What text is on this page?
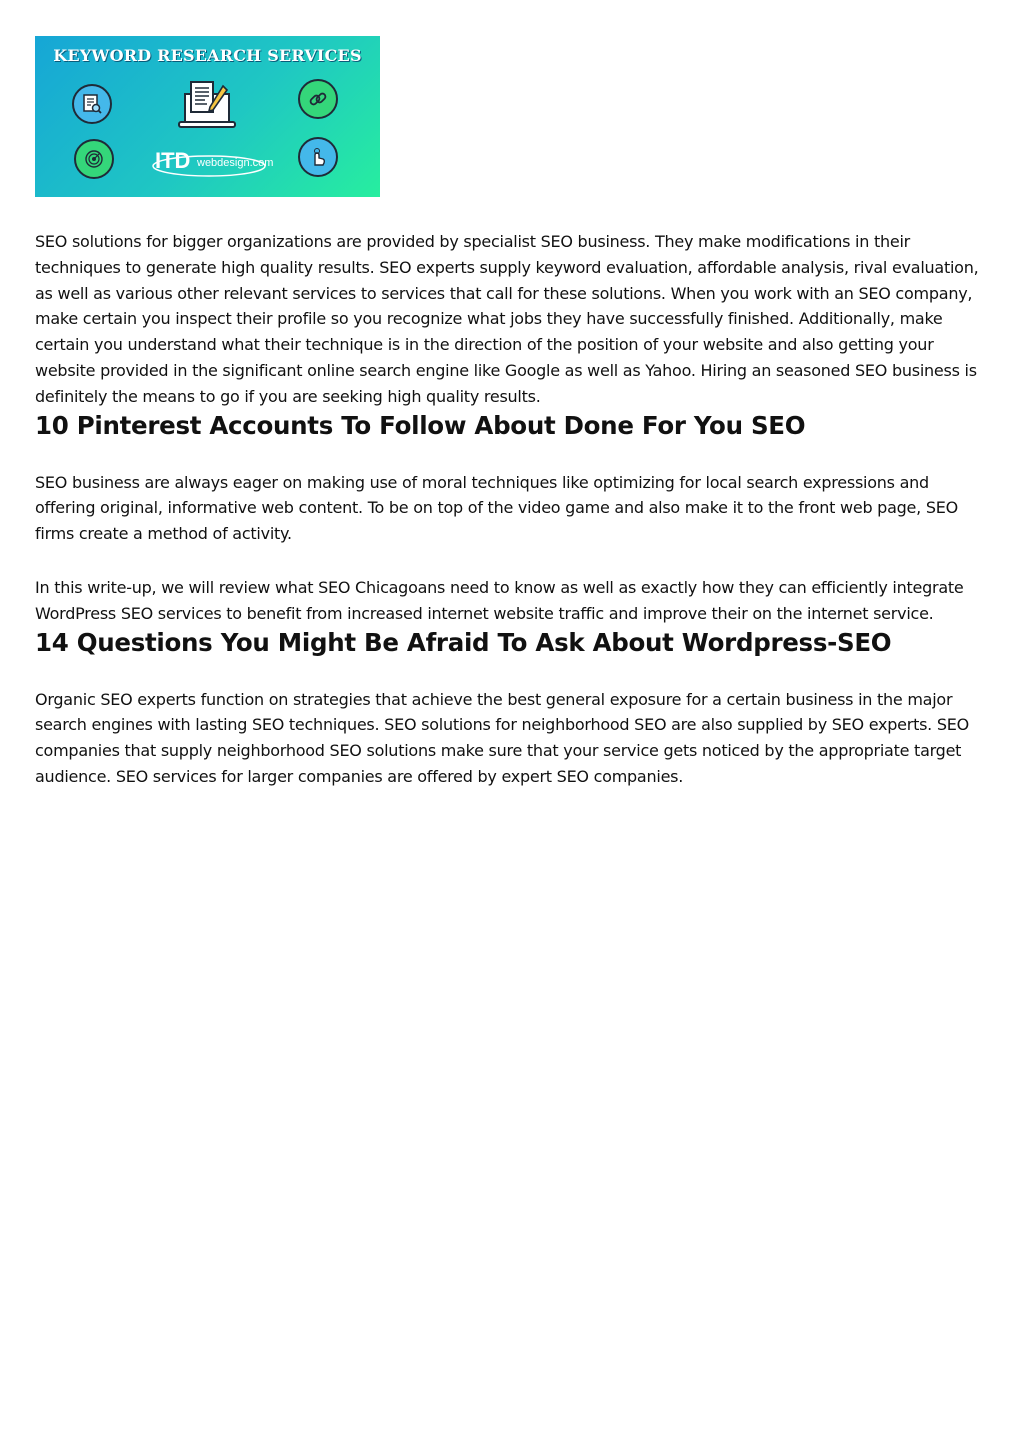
KEYWORD RESEARCH SERVICES
ITD webdesign.com

SEO solutions for bigger organizations are provided by specialist SEO business. They make modifications in their techniques to generate high quality results. SEO experts supply keyword evaluation, affordable analysis, rival evaluation, as well as various other relevant services to services that call for these solutions. When you work with an SEO company, make certain you inspect their profile so you recognize what jobs they have successfully finished. Additionally, make certain you understand what their technique is in the direction of the position of your website and also getting your website provided in the significant online search engine like Google as well as Yahoo. Hiring an seasoned SEO business is definitely the means to go if you are seeking high quality results.

10 Pinterest Accounts To Follow About Done For You SEO

SEO business are always eager on making use of moral techniques like optimizing for local search expressions and offering original, informative web content. To be on top of the video game and also make it to the front web page, SEO firms create a method of activity.

In this write-up, we will review what SEO Chicagoans need to know as well as exactly how they can efficiently integrate WordPress SEO services to benefit from increased internet website traffic and improve their on the internet service.

14 Questions You Might Be Afraid To Ask About Wordpress-SEO

Organic SEO experts function on strategies that achieve the best general exposure for a certain business in the major search engines with lasting SEO techniques. SEO solutions for neighborhood SEO are also supplied by SEO experts. SEO companies that supply neighborhood SEO solutions make sure that your service gets noticed by the appropriate target audience. SEO services for larger companies are offered by expert SEO companies.
